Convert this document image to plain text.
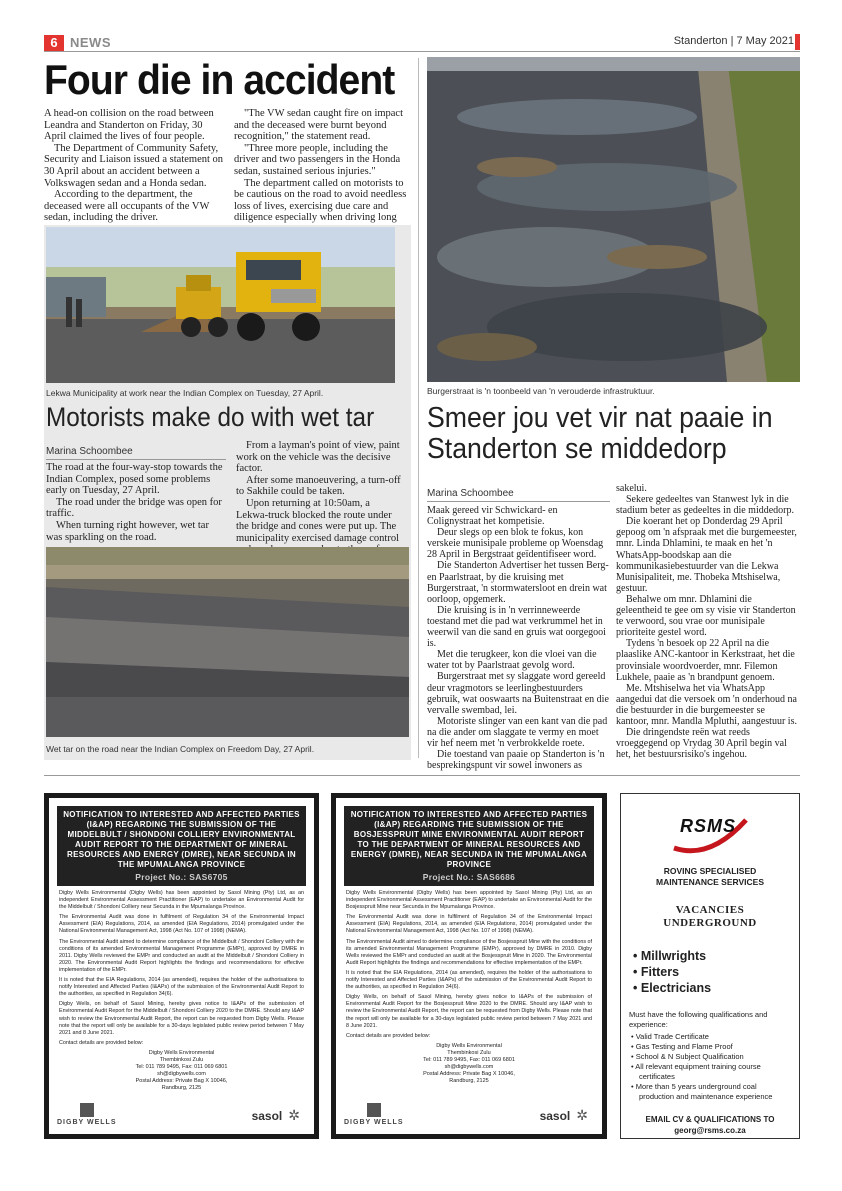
6 NEWS	Standerton | 7 May 2021
Four die in accident

A head-on collision on the road between Leandra and Standerton on Friday, 30 April claimed the lives of four people.

The Department of Community Safety, Security and Liaison issued a statement on 30 April about an accident between a Volkswagen sedan and a Honda sedan.

According to the department, the deceased were all occupants of the VW sedan, including the driver.

"The VW sedan caught fire on impact and the deceased were burnt beyond recognition," the statement read.

"Three more people, including the driver and two passengers in the Honda sedan, sustained serious injuries."

The department called on motorists to be cautious on the road to avoid needless loss of lives, exercising due care and diligence especially when driving long

Lekwa Municipality at work near the Indian Complex on Tuesday, 27 April.
Motorists make do with wet tar
Marina Schoombee

The road at the four-way-stop towards the Indian Complex, posed some problems early on Tuesday, 27 April.

The road under the bridge was open for traffic.

When turning right however, wet tar was sparkling on the road.

From a layman's point of view, paint work on the vehicle was the decisive factor.

After some manoeuvering, a turn-off to Sakhile could be taken.

Upon returning at 10:50am, a Lekwa-truck blocked the route under the bridge and cones were put up. The municipality exercised damage control

Wet tar on the road near the Indian Complex on Freedom Day, 27 April.
Burgerstraat is 'n toonbeeld van 'n verouderde infrastruktuur.
Smeer jou vet vir nat paaie in
Standerton se middedorp
Marina Schoombee

Maak gereed vir Schwickard- en Colignystraat het kompetisie.

Deur slegs op een blok te fokus, kon verskeie munisipale probleme op Woensdag 28 April in Bergstraat geïdentifiseer word.

Die Standerton Advertiser het tussen Berg- en Paarlstraat, by die kruising met Burgerstraat, 'n stormwatersloot en drein wat oorloop, opgemerk.

Die kruising is in 'n verrinneweerde toestand met die pad wat verkrummel het in weerwil van die sand en gruis wat oorgegooi is.

Met die terugkeer, kon die vloei van die water tot by Paarlstraat gevolg word.

Burgerstraat met sy slaggate word gereeld deur vragmotors se leerlingbestuurders gebruik, wat ooswaarts na Buitenstraat en die vervalle swembad, lei.

Motoriste slinger van een kant van die pad na die ander om slaggate te vermy en moet vir hef neem met 'n verbrokkelde roete.

Die toestand van paaie op Standerton is 'n besprekingspunt vir sowel inwoners as

sakelui.

Sekere gedeeltes van Stanwest lyk in die stadium beter as gedeeltes in die middedorp.

Die koerant het op Donderdag 29 April gepoog om 'n afspraak met die burgemeester, mnr. Linda Dhlamini, te maak en het 'n WhatsApp-boodskap aan die kommunikasiebestuurder van die Lekwa Munisipaliteit, me. Thobeka Mtshiselwa, gestuur.

Behalwe om mnr. Dhlamini die geleentheid te gee om sy visie vir Standerton te verwoord, sou vrae oor munisipale prioriteite gestel word.

Tydens 'n besoek op 22 April na die plaaslike ANC-kantoor in Kerkstraat, het die provinsiale woordvoerder, mnr. Filemon Lukhele, paaie as 'n brandpunt genoem.

Me. Mtshiselwa het via WhatsApp aangedui dat die versoek om 'n onderhoud na die bestuurder in die burgemeester se kantoor, mnr. Mandla Mpluthi, aangestuur is.

Die dringendste reën wat reeds vroeggegend op Vrydag 30 April begin val het, het bestuursrisiko's ingehou.

NOTIFICATION TO INTERESTED AND AFFECTED PARTIES (I&AP) REGARDING THE SUBMISSION OF THE MIDDELBULT / SHONDONI COLLIERY ENVIRONMENTAL AUDIT REPORT TO THE DEPARTMENT OF MINERAL RESOURCES AND ENERGY (DMRE), NEAR SECUNDA IN THE MPUMALANGA PROVINCE
Project No.: SAS6705

Digby Wells Environmental (Digby Wells) has been appointed by Sasol Mining (Pty) Ltd, as an independent Environmental Assessment Practitioner (EAP) to undertake an Environmental Audit for the Middelbult / Shondoni Colliery near Secunda in the Mpumalanga Province.

The Environmental Audit was done in fulfilment of Regulation 34 of the Environmental Impact Assessment (EIA) Regulations, 2014, as amended (EIA Regulations, 2014) promulgated under the National Environmental Management Act, 1998 (Act No. 107 of 1998) (NEMA).

The Environmental Audit aimed to determine compliance of the Middelbult / Shondoni Colliery with the conditions of its amended Environmental Management Programme (EMPr), approved by DMRE in 2011. Digby Wells reviewed the EMPr and conducted an audit at the Middelbult / Shondoni Colliery in 2020. The Environmental Audit Report highlights the findings and recommendations for effective implementation of the EMPr.

It is noted that the EIA Regulations, 2014 (as amended), requires the holder of the authorisations to notify Interested and Affected Parties (I&APs) of the submission of the Environmental Audit Report to the authorities, as specified in Regulation 34(6).

Digby Wells, on behalf of Sasol Mining, hereby gives notice to I&APs of the submission of Environmental Audit Report for the Middelbult / Shondoni Colliery 2020 to the DMRE. Should any I&AP wish to review the Environmental Audit Report, the report can be requested from Digby Wells. Please note that the report will only be available for a 30-days legislated public review period between 7 May 2021 and 8 June 2021.

Contact details are provided below:

Digby Wells Environmental
Thembinkosi Zulu
Tel: 011 789 9495, Fax: 011 069 6801
sh@digbywells.com
Postal Address: Private Bag X 10046,
Randburg, 2125
DIGBY WELLS	sasol ✲
NOTIFICATION TO INTERESTED AND AFFECTED PARTIES (I&AP) REGARDING THE SUBMISSION OF THE BOSJESSPRUIT MINE ENVIRONMENTAL AUDIT REPORT TO THE DEPARTMENT OF MINERAL RESOURCES AND ENERGY (DMRE), NEAR SECUNDA IN THE MPUMALANGA PROVINCE
Project No.: SAS6686

Digby Wells Environmental (Digby Wells) has been appointed by Sasol Mining (Pty) Ltd, as an independent Environmental Assessment Practitioner (EAP) to undertake an Environmental Audit for the Bosjesspruit Mine near Secunda in the Mpumalanga Province.

The Environmental Audit was done in fulfilment of Regulation 34 of the Environmental Impact Assessment (EIA) Regulations, 2014, as amended (EIA Regulations, 2014) promulgated under the National Environmental Management Act, 1998 (Act No. 107 of 1998) (NEMA).

The Environmental Audit aimed to determine compliance of the Bosjesspruit Mine with the conditions of its amended Environmental Management Programme (EMPr), approved by DMRE in 2010. Digby Wells reviewed the EMPr and conducted an audit at the Bosjesspruit Mine in 2020. The Environmental Audit Report highlights the findings and recommendations for effective implementation of the EMPr.

It is noted that the EIA Regulations, 2014 (as amended), requires the holder of the authorisations to notify Interested and Affected Parties (I&APs) of the submission of the Environmental Audit Report to the authorities, as specified in Regulation 34(6).

Digby Wells, on behalf of Sasol Mining, hereby gives notice to I&APs of the submission of Environmental Audit Report for the Bosjesspruit Mine 2020 to the DMRE. Should any I&AP wish to review the Environmental Audit Report, the report can be requested from Digby Wells. Please note that the report will only be available for a 30-days legislated public review period between 7 May 2021 and 8 June 2021.

Contact details are provided below:

Digby Wells Environmental
Thembinkosi Zulu
Tel: 011 789 9495, Fax: 011 069 6801
sh@digbywells.com
Postal Address: Private Bag X 10046,
Randburg, 2125
DIGBY WELLS	sasol ✲
RSMS
ROVING SPECIALISED
MAINTENANCE SERVICES
VACANCIES
UNDERGROUND
• Millwrights
• Fitters
• Electricians
Must have the following qualifications and experience:
• Valid Trade Certificate
• Gas Testing and Flame Proof
• School & N Subject Qualification
• All relevant equipment training course certificates
• More than 5 years underground coal production and maintenance experience
EMAIL CV & QUALIFICATIONS TO
georg@rsms.co.za
